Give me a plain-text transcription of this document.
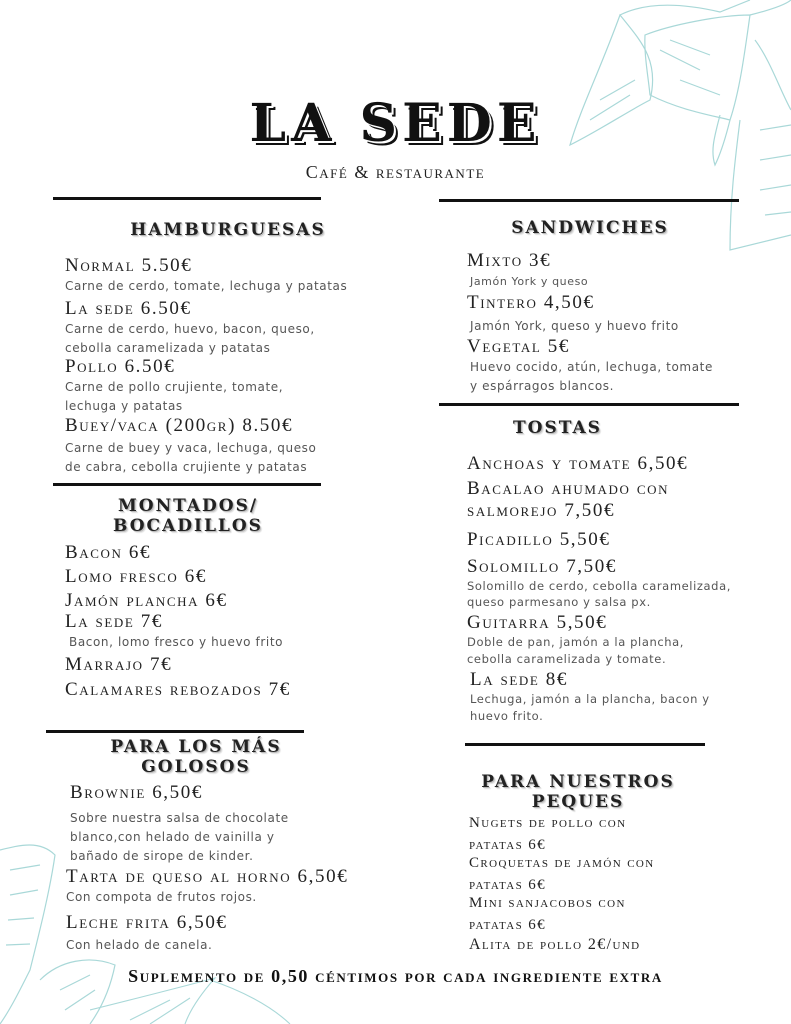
LA SEDE
Café & restaurante
HAMBURGUESAS
Normal 5.50€
Carne de cerdo, tomate, lechuga y patatas
La sede 6.50€
Carne de cerdo, huevo, bacon, queso,
cebolla caramelizada y patatas
Pollo 6.50€
Carne de pollo crujiente, tomate,
lechuga y patatas
Buey/vaca (200gr) 8.50€
Carne de buey y vaca, lechuga, queso
de cabra, cebolla crujiente y patatas
MONTADOS/
BOCADILLOS
Bacon 6€
Lomo fresco 6€
Jamón plancha 6€
La sede 7€
Bacon, lomo fresco y huevo frito
Marrajo 7€
Calamares rebozados 7€
PARA LOS MÁS
GOLOSOS
Brownie 6,50€
Sobre nuestra salsa de chocolate
blanco,con helado de vainilla y
bañado de sirope de kinder.
Tarta de queso al horno 6,50€
Con compota de frutos rojos.
Leche frita 6,50€
Con helado de canela.
SANDWICHES
Mixto 3€
Jamón York y queso
Tintero 4,50€
Jamón York, queso y huevo frito
Vegetal 5€
Huevo cocido, atún, lechuga, tomate
y espárragos blancos.
TOSTAS
Anchoas y tomate 6,50€
Bacalao ahumado con
salmorejo 7,50€
Picadillo 5,50€
Solomillo 7,50€
Solomillo de cerdo, cebolla caramelizada,
queso parmesano y salsa px.
Guitarra 5,50€
Doble de pan, jamón a la plancha,
cebolla caramelizada y tomate.
La sede 8€
Lechuga, jamón a la plancha, bacon y
huevo frito.
PARA NUESTROS
PEQUES
Nugets de pollo con
patatas 6€
Croquetas de jamón con
patatas 6€
Mini sanjacobos con
patatas 6€
Alita de pollo 2€/und
Suplemento de 0,50 céntimos por cada ingrediente extra
